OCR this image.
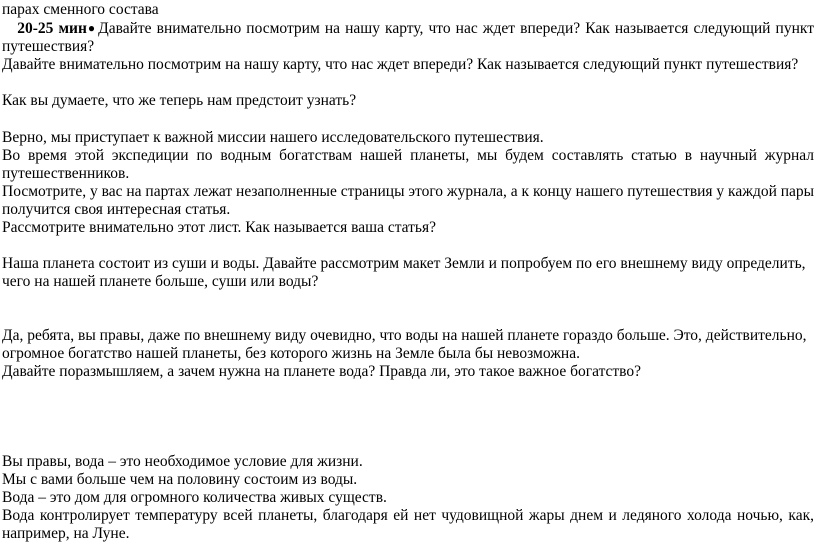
парах сменного состава
20-25 мин● Давайте внимательно посмотрим на нашу карту, что нас ждет впереди? Как называется следующий пункт
путешествия?
Давайте внимательно посмотрим на нашу карту, что нас ждет впереди? Как называется следующий пункт путешествия?
Как вы думаете, что же теперь нам предстоит узнать?
Верно, мы приступает к важной миссии нашего исследовательского путешествия.
Во время этой экспедиции по водным богатствам нашей планеты, мы будем составлять статью в научный журнал
путешественников.
Посмотрите, у вас на партах лежат незаполненные страницы этого журнала, а к концу нашего путешествия у каждой пары
получится своя интересная статья.
Рассмотрите внимательно этот лист. Как называется ваша статья?
Наша планета состоит из суши и воды. Давайте рассмотрим макет Земли и попробуем по его внешнему виду определить,
чего на нашей планете больше, суши или воды?
Да, ребята, вы правы, даже по внешнему виду очевидно, что воды на нашей планете гораздо больше. Это, действительно,
огромное богатство нашей планеты, без которого жизнь на Земле была бы невозможна.
Давайте поразмышляем, а зачем нужна на планете вода? Правда ли, это такое важное богатство?
Вы правы, вода – это необходимое условие для жизни.
Мы с вами больше чем на половину состоим из воды.
Вода – это дом для огромного количества живых существ.
Вода контролирует температуру всей планеты, благодаря ей нет чудовищной жары днем и ледяного холода ночью, как,
например, на Луне.
